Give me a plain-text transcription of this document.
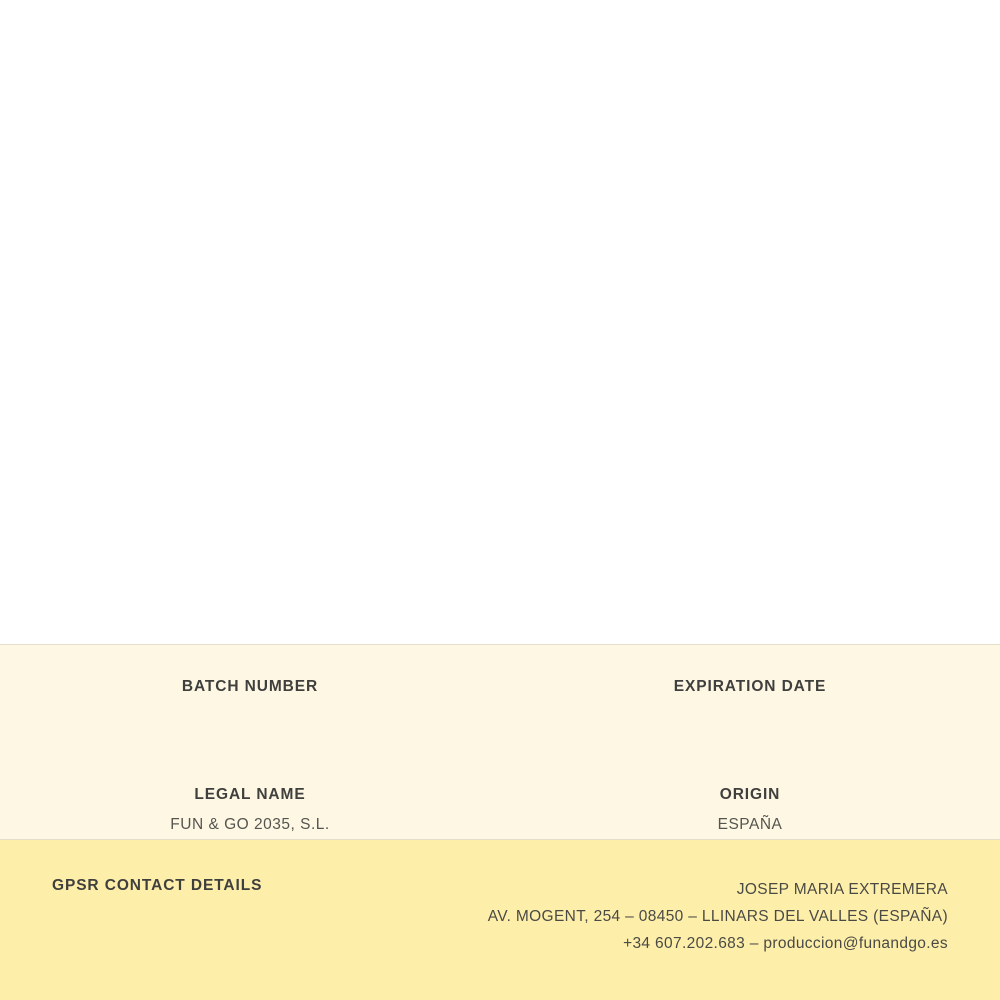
BATCH NUMBER	EXPIRATION DATE
LEGAL NAME
FUN & GO 2035, S.L.
ORIGIN
ESPAÑA
GPSR CONTACT DETAILS	JOSEP MARIA EXTREMERA
AV. MOGENT, 254 – 08450 – LLINARS DEL VALLES (ESPAÑA)
+34 607.202.683 – produccion@funandgo.es
